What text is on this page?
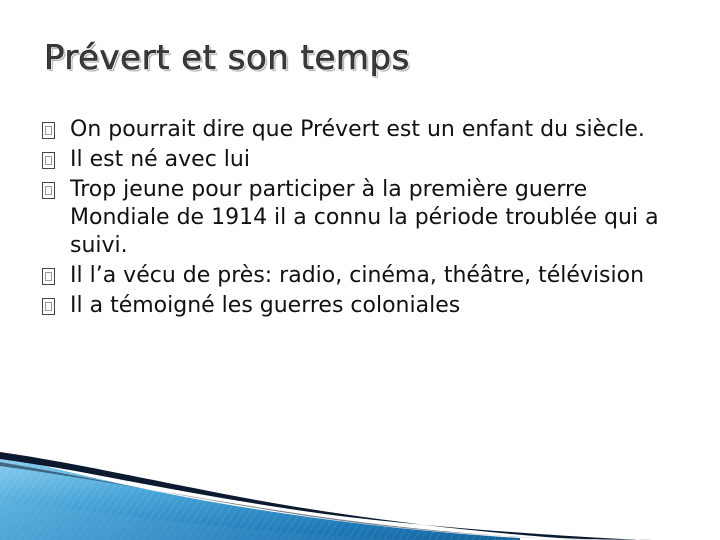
Prévert et son temps
On pourrait dire que Prévert est un enfant du siècle.
Il est né avec lui
Trop jeune pour participer à la première guerre Mondiale de 1914 il a connu la période troublée qui a suivi.
Il l’a vécu de près: radio, cinéma, théâtre, télévision
Il a témoigné les guerres coloniales
